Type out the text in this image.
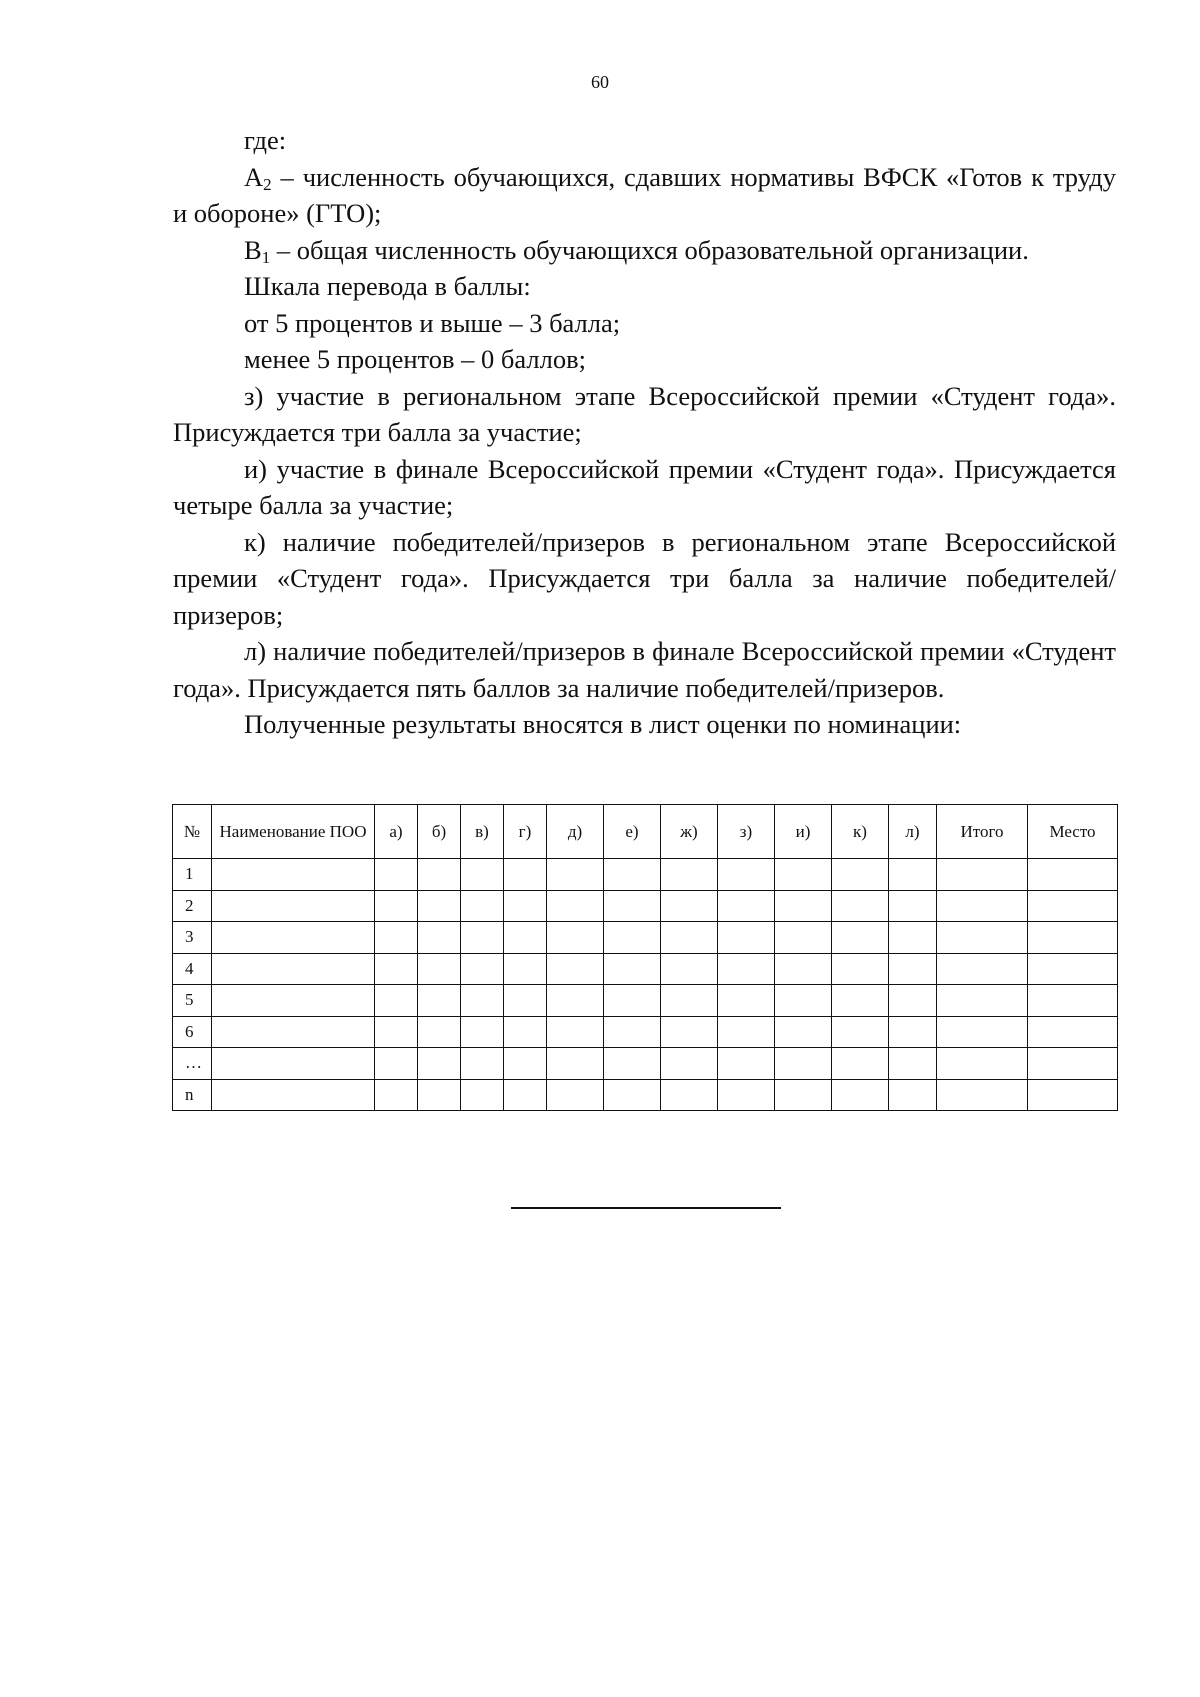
60

где:

$А_2$ – численность обучающихся, сдавших нормативы ВФСК «Готов к труду и обороне» (ГТО);

$В_1$ – общая численность обучающихся образовательной организации.

Шкала перевода в баллы:

от 5 процентов и выше – 3 балла;

менее 5 процентов – 0 баллов;

з) участие в региональном этапе Всероссийской премии «Студент года». Присуждается три балла за участие;

и) участие в финале Всероссийской премии «Студент года». Присуждается четыре балла за участие;

к) наличие победителей/призеров в региональном этапе Всероссийской премии «Студент года». Присуждается три балла за наличие победителей/призеров;

л) наличие победителей/призеров в финале Всероссийской премии «Студент года». Присуждается пять баллов за наличие победителей/призеров.

Полученные результаты вносятся в лист оценки по номинации:

№	Наименование ПОО	а)	б)	в)	г)	д)	е)	ж)	з)	и)	к)	л)	Итого	Место
1														
2														
3														
4														
5														
6														
…														
n														
